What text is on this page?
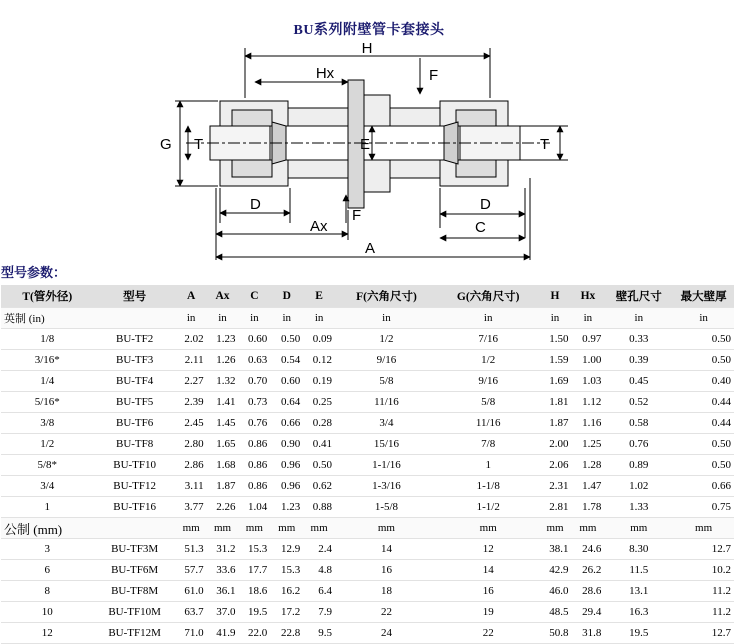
BU系列附壁管卡套接头
H
Hx	F
G T	T
E
D	D
F
Ax
A
C
型号参数：
T(管外径)	型号	A	Ax	C	D	E	F(六角尺寸)	G(六角尺寸)	H	Hx	壁孔尺寸	最大壁厚
英制 (in)		in	in	in	in	in	in	in	in	in	in	in
1/8	BU-TF2	2.02	1.23	0.60	0.50	0.09	1/2	7/16	1.50	0.97	0.33	0.50
3/16*	BU-TF3	2.11	1.26	0.63	0.54	0.12	9/16	1/2	1.59	1.00	0.39	0.50
1/4	BU-TF4	2.27	1.32	0.70	0.60	0.19	5/8	9/16	1.69	1.03	0.45	0.40
5/16*	BU-TF5	2.39	1.41	0.73	0.64	0.25	11/16	5/8	1.81	1.12	0.52	0.44
3/8	BU-TF6	2.45	1.45	0.76	0.66	0.28	3/4	11/16	1.87	1.16	0.58	0.44
1/2	BU-TF8	2.80	1.65	0.86	0.90	0.41	15/16	7/8	2.00	1.25	0.76	0.50
5/8*	BU-TF10	2.86	1.68	0.86	0.96	0.50	1-1/16	1	2.06	1.28	0.89	0.50
3/4	BU-TF12	3.11	1.87	0.86	0.96	0.62	1-3/16	1-1/8	2.31	1.47	1.02	0.66
1	BU-TF16	3.77	2.26	1.04	1.23	0.88	1-5/8	1-1/2	2.81	1.78	1.33	0.75
公制 (mm)		mm	mm	mm	mm	mm	mm	mm	mm	mm	mm	mm
3	BU-TF3M	51.3	31.2	15.3	12.9	2.4	14	12	38.1	24.6	8.30	12.7
6	BU-TF6M	57.7	33.6	17.7	15.3	4.8	16	14	42.9	26.2	11.5	10.2
8	BU-TF8M	61.0	36.1	18.6	16.2	6.4	18	16	46.0	28.6	13.1	11.2
10	BU-TF10M	63.7	37.0	19.5	17.2	7.9	22	19	48.5	29.4	16.3	11.2
12	BU-TF12M	71.0	41.9	22.0	22.8	9.5	24	22	50.8	31.8	19.5	12.7
